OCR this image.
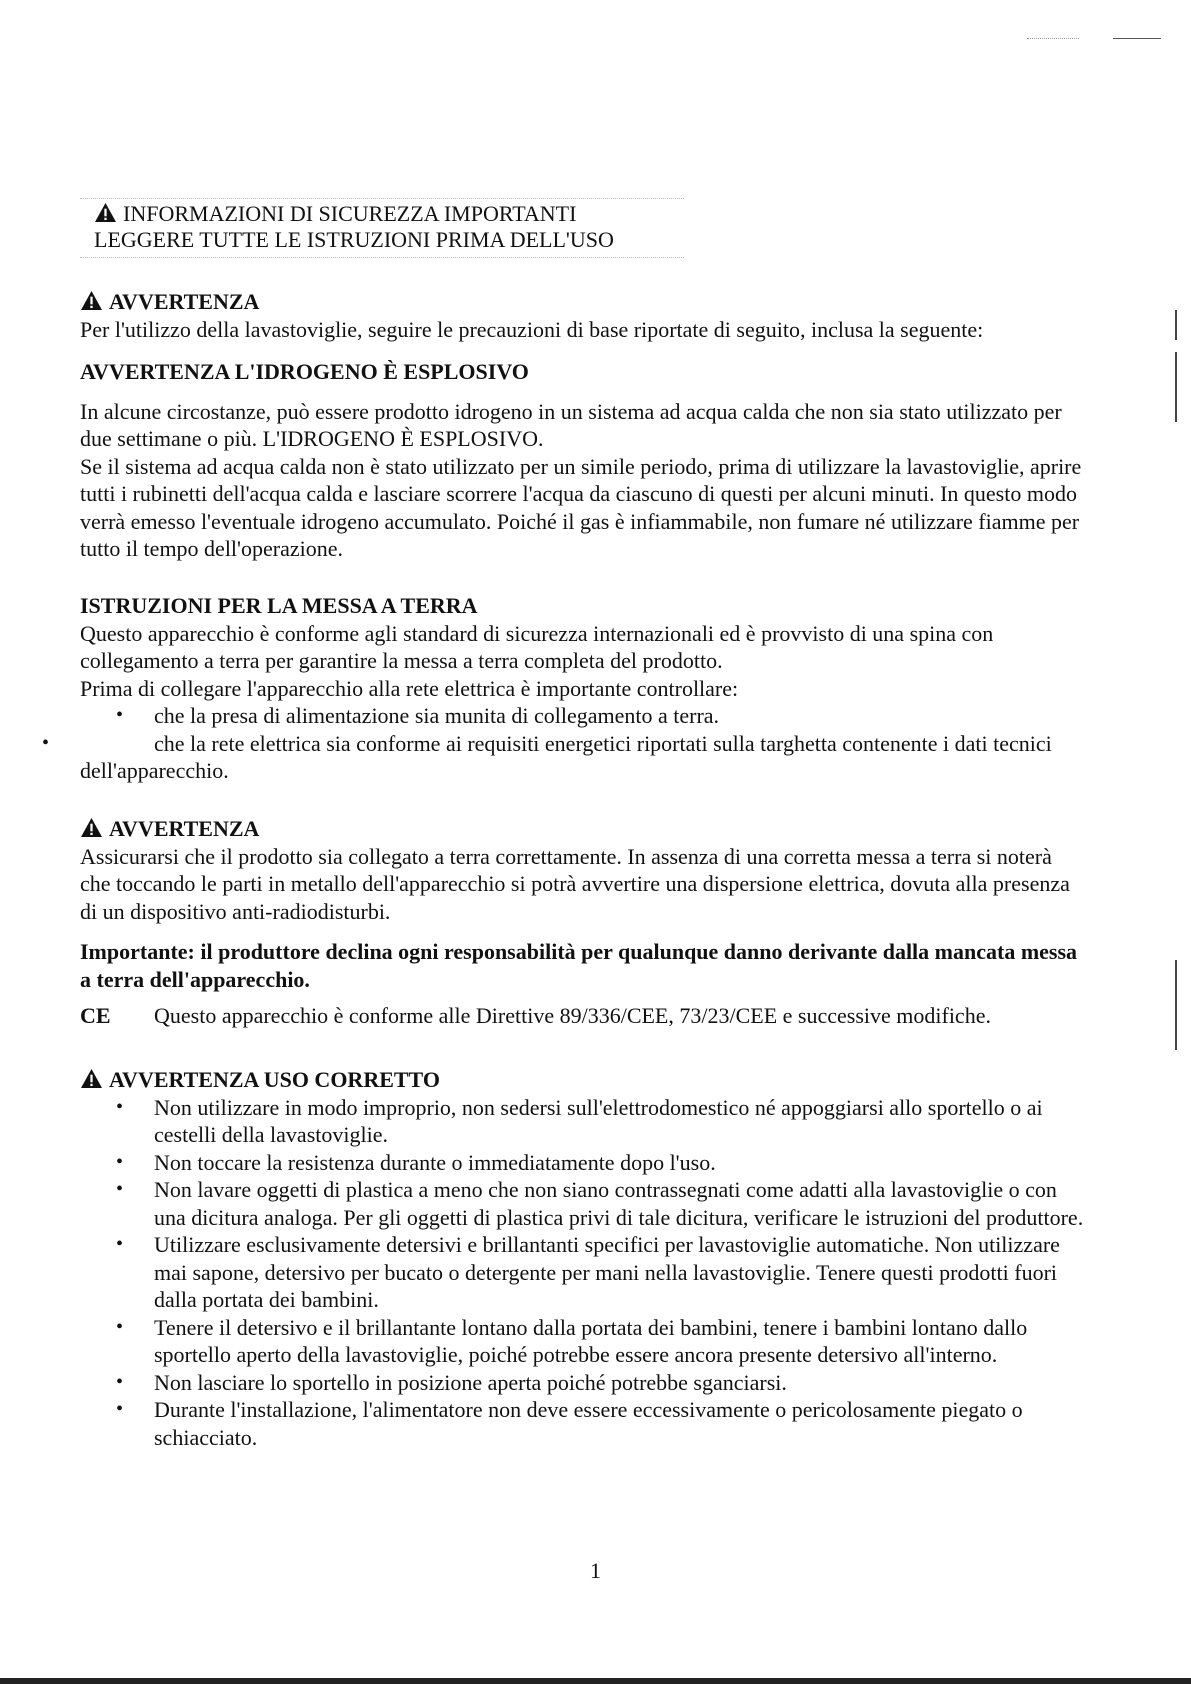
INFORMAZIONI DI SICUREZZA IMPORTANTI
LEGGERE TUTTE LE ISTRUZIONI PRIMA DELL'USO

AVVERTENZA

Per l'utilizzo della lavastoviglie, seguire le precauzioni di base riportate di seguito, inclusa la seguente:

AVVERTENZA L'IDROGENO È ESPLOSIVO

In alcune circostanze, può essere prodotto idrogeno in un sistema ad acqua calda che non sia stato utilizzato per due settimane o più. L'IDROGENO È ESPLOSIVO.

Se il sistema ad acqua calda non è stato utilizzato per un simile periodo, prima di utilizzare la lavastoviglie, aprire tutti i rubinetti dell'acqua calda e lasciare scorrere l'acqua da ciascuno di questi per alcuni minuti. In questo modo verrà emesso l'eventuale idrogeno accumulato. Poiché il gas è infiammabile, non fumare né utilizzare fiamme per tutto il tempo dell'operazione.

ISTRUZIONI PER LA MESSA A TERRA

Questo apparecchio è conforme agli standard di sicurezza internazionali ed è provvisto di una spina con collegamento a terra per garantire la messa a terra completa del prodotto.

Prima di collegare l'apparecchio alla rete elettrica è importante controllare:

• che la presa di alimentazione sia munita di collegamento a terra.
•	che la rete elettrica sia conforme ai requisiti energetici riportati sulla targhetta contenente i dati tecnici dell'apparecchio.

AVVERTENZA

Assicurarsi che il prodotto sia collegato a terra correttamente. In assenza di una corretta messa a terra si noterà che toccando le parti in metallo dell'apparecchio si potrà avvertire una dispersione elettrica, dovuta alla presenza di un dispositivo anti-radiodisturbi.

Importante: il produttore declina ogni responsabilità per qualunque danno derivante dalla mancata messa a terra dell'apparecchio.

CE	Questo apparecchio è conforme alle Direttive 89/336/CEE, 73/23/CEE e successive modifiche.

AVVERTENZA USO CORRETTO

• Non utilizzare in modo improprio, non sedersi sull'elettrodomestico né appoggiarsi allo sportello o ai cestelli della lavastoviglie.
• Non toccare la resistenza durante o immediatamente dopo l'uso.
• Non lavare oggetti di plastica a meno che non siano contrassegnati come adatti alla lavastoviglie o con una dicitura analoga. Per gli oggetti di plastica privi di tale dicitura, verificare le istruzioni del produttore.
• Utilizzare esclusivamente detersivi e brillantanti specifici per lavastoviglie automatiche. Non utilizzare mai sapone, detersivo per bucato o detergente per mani nella lavastoviglie. Tenere questi prodotti fuori dalla portata dei bambini.
• Tenere il detersivo e il brillantante lontano dalla portata dei bambini, tenere i bambini lontano dallo sportello aperto della lavastoviglie, poiché potrebbe essere ancora presente detersivo all'interno.
• Non lasciare lo sportello in posizione aperta poiché potrebbe sganciarsi.
• Durante l'installazione, l'alimentatore non deve essere eccessivamente o pericolosamente piegato o schiacciato.
1
